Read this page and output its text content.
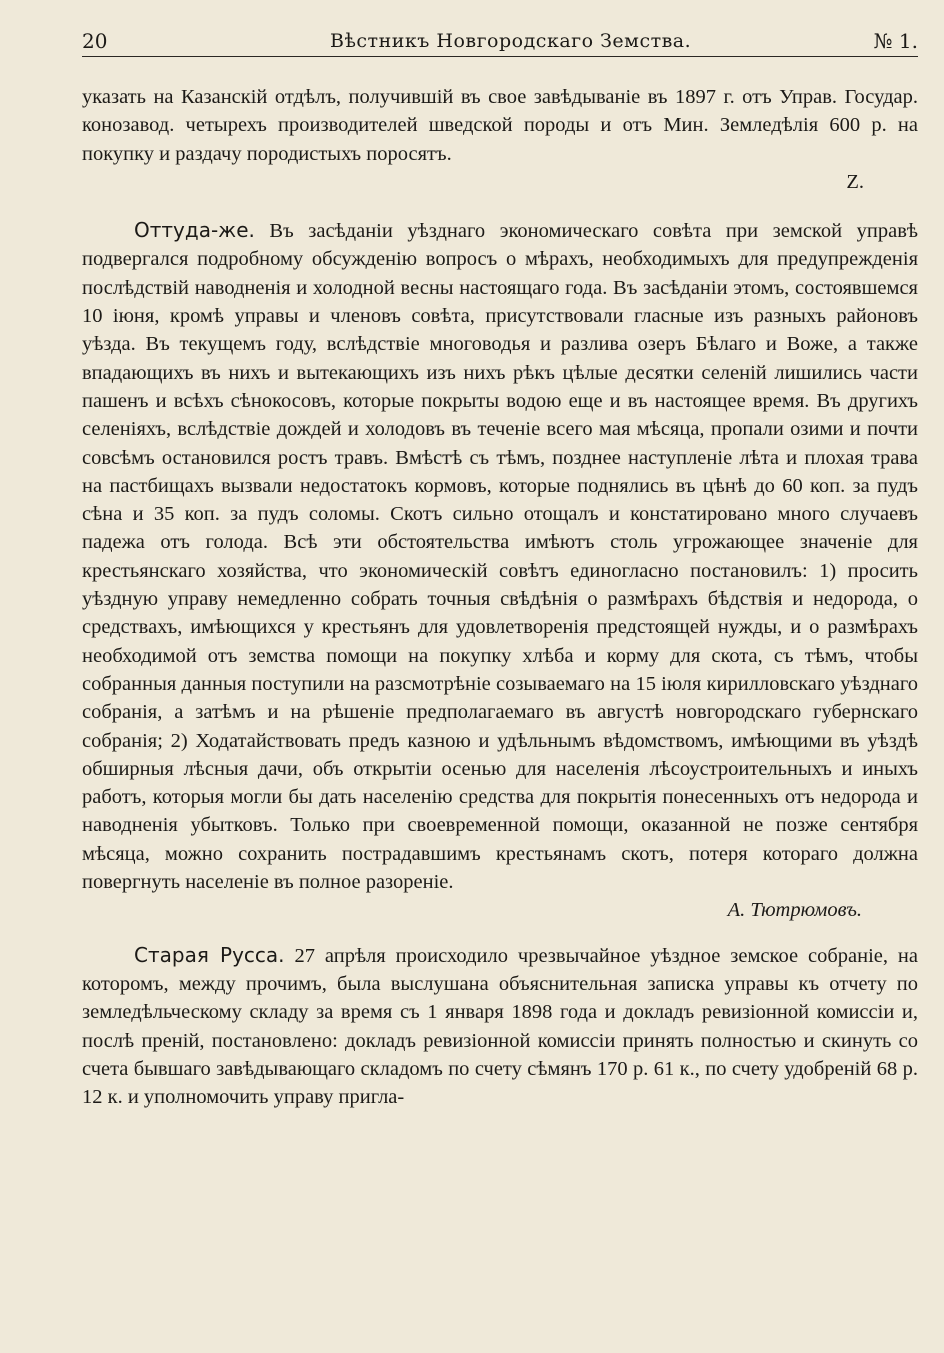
20	Вѣстникъ Новгородскаго Земства.	№ 1.

указать на Казанскій отдѣлъ, получившій въ свое завѣдываніе въ 1897 г. отъ Управ. Государ. конозавод. четырехъ производителей шведской породы и отъ Мин. Земледѣлія 600 р. на покупку и раздачу породистыхъ поросятъ.

Z.

Оттуда-же. Въ засѣданіи уѣзднаго экономическаго совѣта при земской управѣ подвергался подробному обсужденію вопросъ о мѣрахъ, необходимыхъ для предупрежденія послѣдствій наводненія и холодной весны настоящаго года. Въ засѣданіи этомъ, состоявшемся 10 іюня, кромѣ управы и членовъ совѣта, присутствовали гласные изъ разныхъ районовъ уѣзда. Въ текущемъ году, вслѣдствіе многоводья и разлива озеръ Бѣлаго и Воже, а также впадающихъ въ нихъ и вытекающихъ изъ нихъ рѣкъ цѣлые десятки селеній лишились части пашенъ и всѣхъ сѣнокосовъ, которые покрыты водою еще и въ настоящее время. Въ другихъ селеніяхъ, вслѣдствіе дождей и холодовъ въ теченіе всего мая мѣсяца, пропали озими и почти совсѣмъ остановился ростъ травъ. Вмѣстѣ съ тѣмъ, позднее наступленіе лѣта и плохая трава на пастбищахъ вызвали недостатокъ кормовъ, которые поднялись въ цѣнѣ до 60 коп. за пудъ сѣна и 35 коп. за пудъ соломы. Скотъ сильно отощалъ и констатировано много случаевъ падежа отъ голода. Всѣ эти обстоятельства имѣютъ столь угрожающее значеніе для крестьянскаго хозяйства, что экономическій совѣтъ единогласно постановилъ: 1) просить уѣздную управу немедленно собрать точныя свѣдѣнія о размѣрахъ бѣдствія и недорода, о средствахъ, имѣющихся у крестьянъ для удовлетворенія предстоящей нужды, и о размѣрахъ необходимой отъ земства помощи на покупку хлѣба и корму для скота, съ тѣмъ, чтобы собранныя данныя поступили на разсмотрѣніе созываемаго на 15 іюля кирилловскаго уѣзднаго собранія, а затѣмъ и на рѣшеніе предполагаемаго въ августѣ новгородскаго губернскаго собранія; 2) Ходатайствовать предъ казною и удѣльнымъ вѣдомствомъ, имѣющими въ уѣздѣ обширныя лѣсныя дачи, объ открытіи осенью для населенія лѣсоустроительныхъ и иныхъ работъ, которыя могли бы дать населенію средства для покрытія понесенныхъ отъ недорода и наводненія убытковъ. Только при своевременной помощи, оказанной не позже сентября мѣсяца, можно сохранить пострадавшимъ крестьянамъ скотъ, потеря котораго должна повергнуть населеніе въ полное разореніе.

А. Тютрюмовъ.

Старая Русса. 27 апрѣля происходило чрезвычайное уѣздное земское собраніе, на которомъ, между прочимъ, была выслушана объяснительная записка управы къ отчету по земледѣльческому складу за время съ 1 января 1898 года и докладъ ревизіонной комиссіи и, послѣ преній, постановлено: докладъ ревизіонной комиссіи принять полностью и скинуть со счета бывшаго завѣдывающаго складомъ по счету сѣмянъ 170 р. 61 к., по счету удобреній 68 р. 12 к. и уполномочить управу пригла-
